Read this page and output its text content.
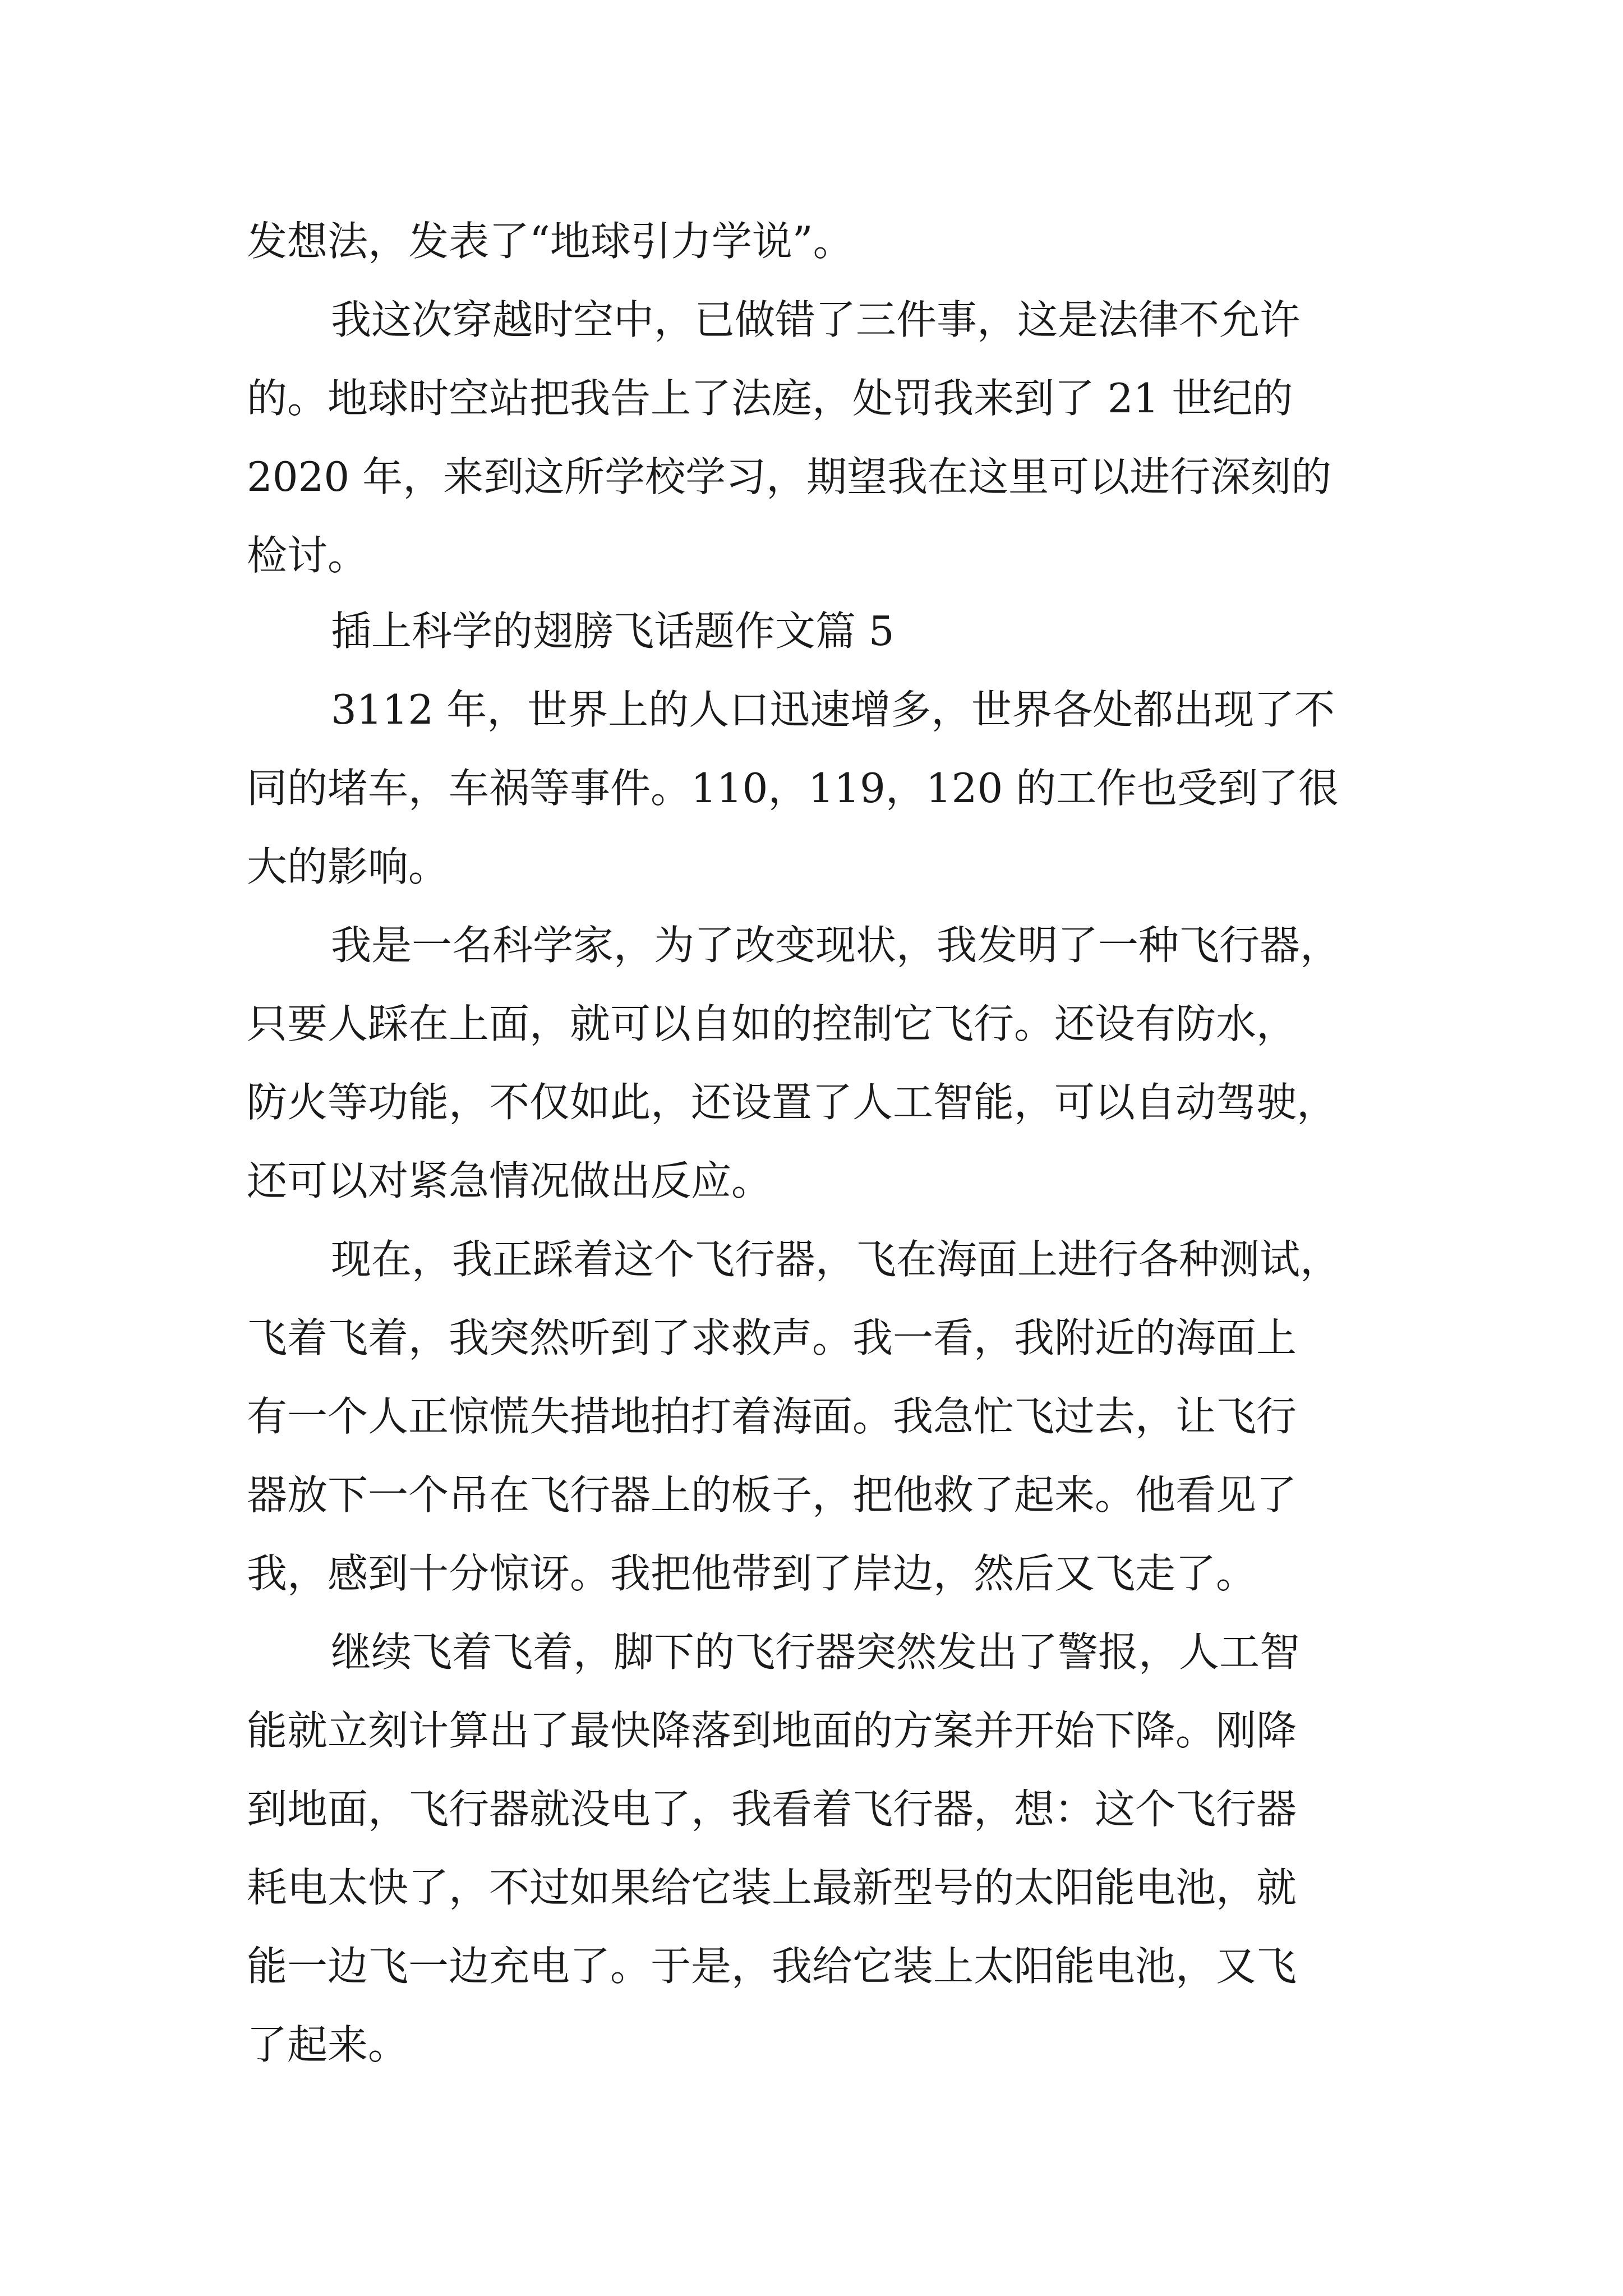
发想法，发表了“地球引力学说”。

我这次穿越时空中，已做错了三件事，这是法律不允许

的。地球时空站把我告上了法庭，处罚我来到了 21 世纪的

2020 年，来到这所学校学习，期望我在这里可以进行深刻的

检讨。

插上科学的翅膀飞话题作文篇 5

3112 年，世界上的人口迅速增多，世界各处都出现了不

同的堵车，车祸等事件。110，119，120 的工作也受到了很

大的影响。

我是一名科学家，为了改变现状，我发明了一种飞行器，

只要人踩在上面，就可以自如的控制它飞行。还设有防水，

防火等功能，不仅如此，还设置了人工智能，可以自动驾驶，

还可以对紧急情况做出反应。

现在，我正踩着这个飞行器，飞在海面上进行各种测试，

飞着飞着，我突然听到了求救声。我一看，我附近的海面上

有一个人正惊慌失措地拍打着海面。我急忙飞过去，让飞行

器放下一个吊在飞行器上的板子，把他救了起来。他看见了

我，感到十分惊讶。我把他带到了岸边，然后又飞走了。

继续飞着飞着，脚下的飞行器突然发出了警报，人工智

能就立刻计算出了最快降落到地面的方案并开始下降。刚降

到地面，飞行器就没电了，我看着飞行器，想：这个飞行器

耗电太快了，不过如果给它装上最新型号的太阳能电池，就

能一边飞一边充电了。于是，我给它装上太阳能电池，又飞

了起来。
